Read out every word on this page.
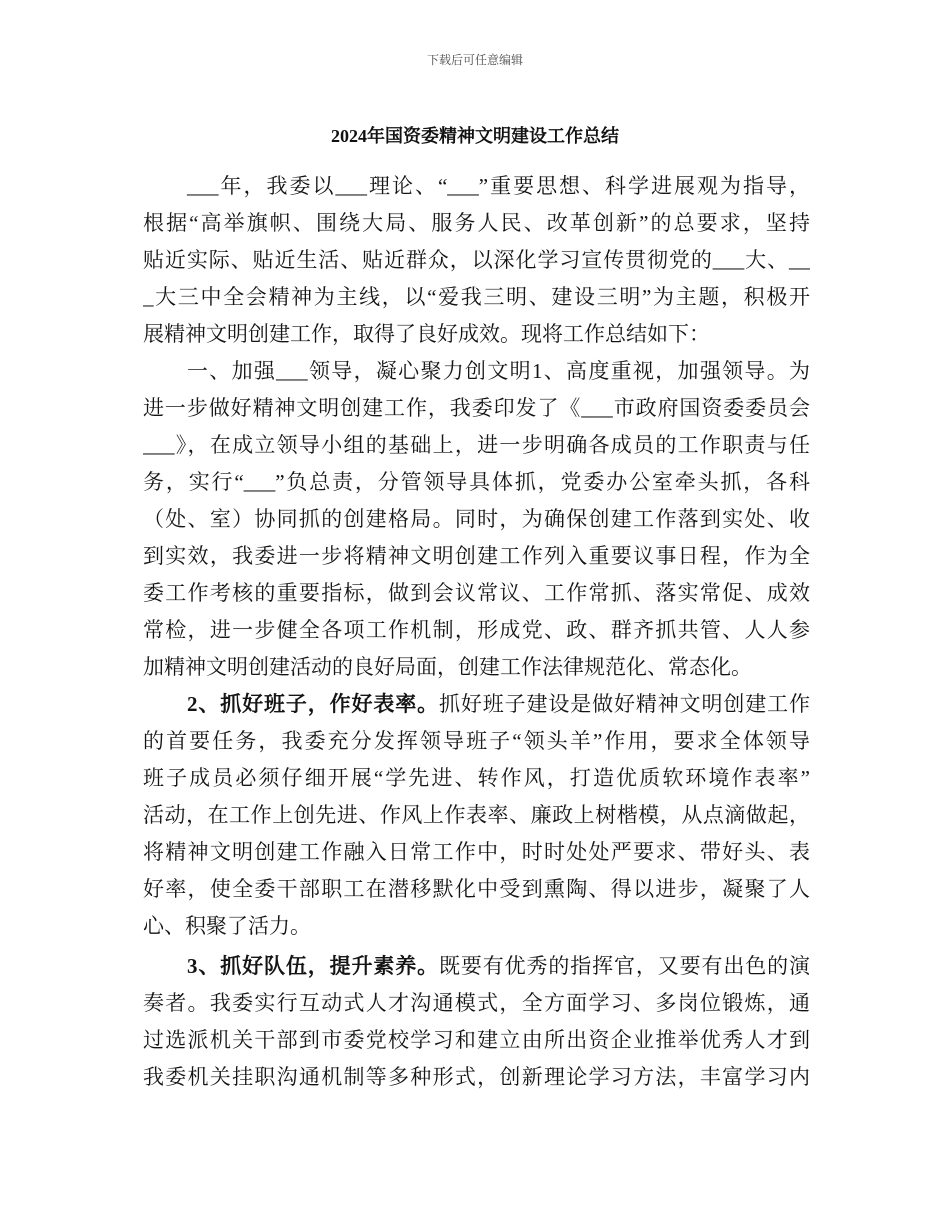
下载后可任意编辑
2024年国资委精神文明建设工作总结
___年，我委以___理论、“___”重要思想、科学进展观为指导，
根据“高举旗帜、围绕大局、服务人民、改革创新”的总要求，坚持
贴近实际、贴近生活、贴近群众，以深化学习宣传贯彻党的___大、__
_大三中全会精神为主线，以“爱我三明、建设三明”为主题，积极开
展精神文明创建工作，取得了良好成效。现将工作总结如下：
一、加强___领导，凝心聚力创文明1、高度重视，加强领导。为
进一步做好精神文明创建工作，我委印发了《___市政府国资委委员会
___》，在成立领导小组的基础上，进一步明确各成员的工作职责与任
务，实行“___”负总责，分管领导具体抓，党委办公室牵头抓，各科
（处、室）协同抓的创建格局。同时，为确保创建工作落到实处、收
到实效，我委进一步将精神文明创建工作列入重要议事日程，作为全
委工作考核的重要指标，做到会议常议、工作常抓、落实常促、成效
常检，进一步健全各项工作机制，形成党、政、群齐抓共管、人人参
加精神文明创建活动的良好局面，创建工作法律规范化、常态化。
2、抓好班子，作好表率。抓好班子建设是做好精神文明创建工作
的首要任务，我委充分发挥领导班子“领头羊”作用，要求全体领导
班子成员必须仔细开展“学先进、转作风，打造优质软环境作表率”
活动，在工作上创先进、作风上作表率、廉政上树楷模，从点滴做起，
将精神文明创建工作融入日常工作中，时时处处严要求、带好头、表
好率，使全委干部职工在潜移默化中受到熏陶、得以进步，凝聚了人
心、积聚了活力。
3、抓好队伍，提升素养。既要有优秀的指挥官，又要有出色的演
奏者。我委实行互动式人才沟通模式，全方面学习、多岗位锻炼，通
过选派机关干部到市委党校学习和建立由所出资企业推举优秀人才到
我委机关挂职沟通机制等多种形式，创新理论学习方法，丰富学习内
